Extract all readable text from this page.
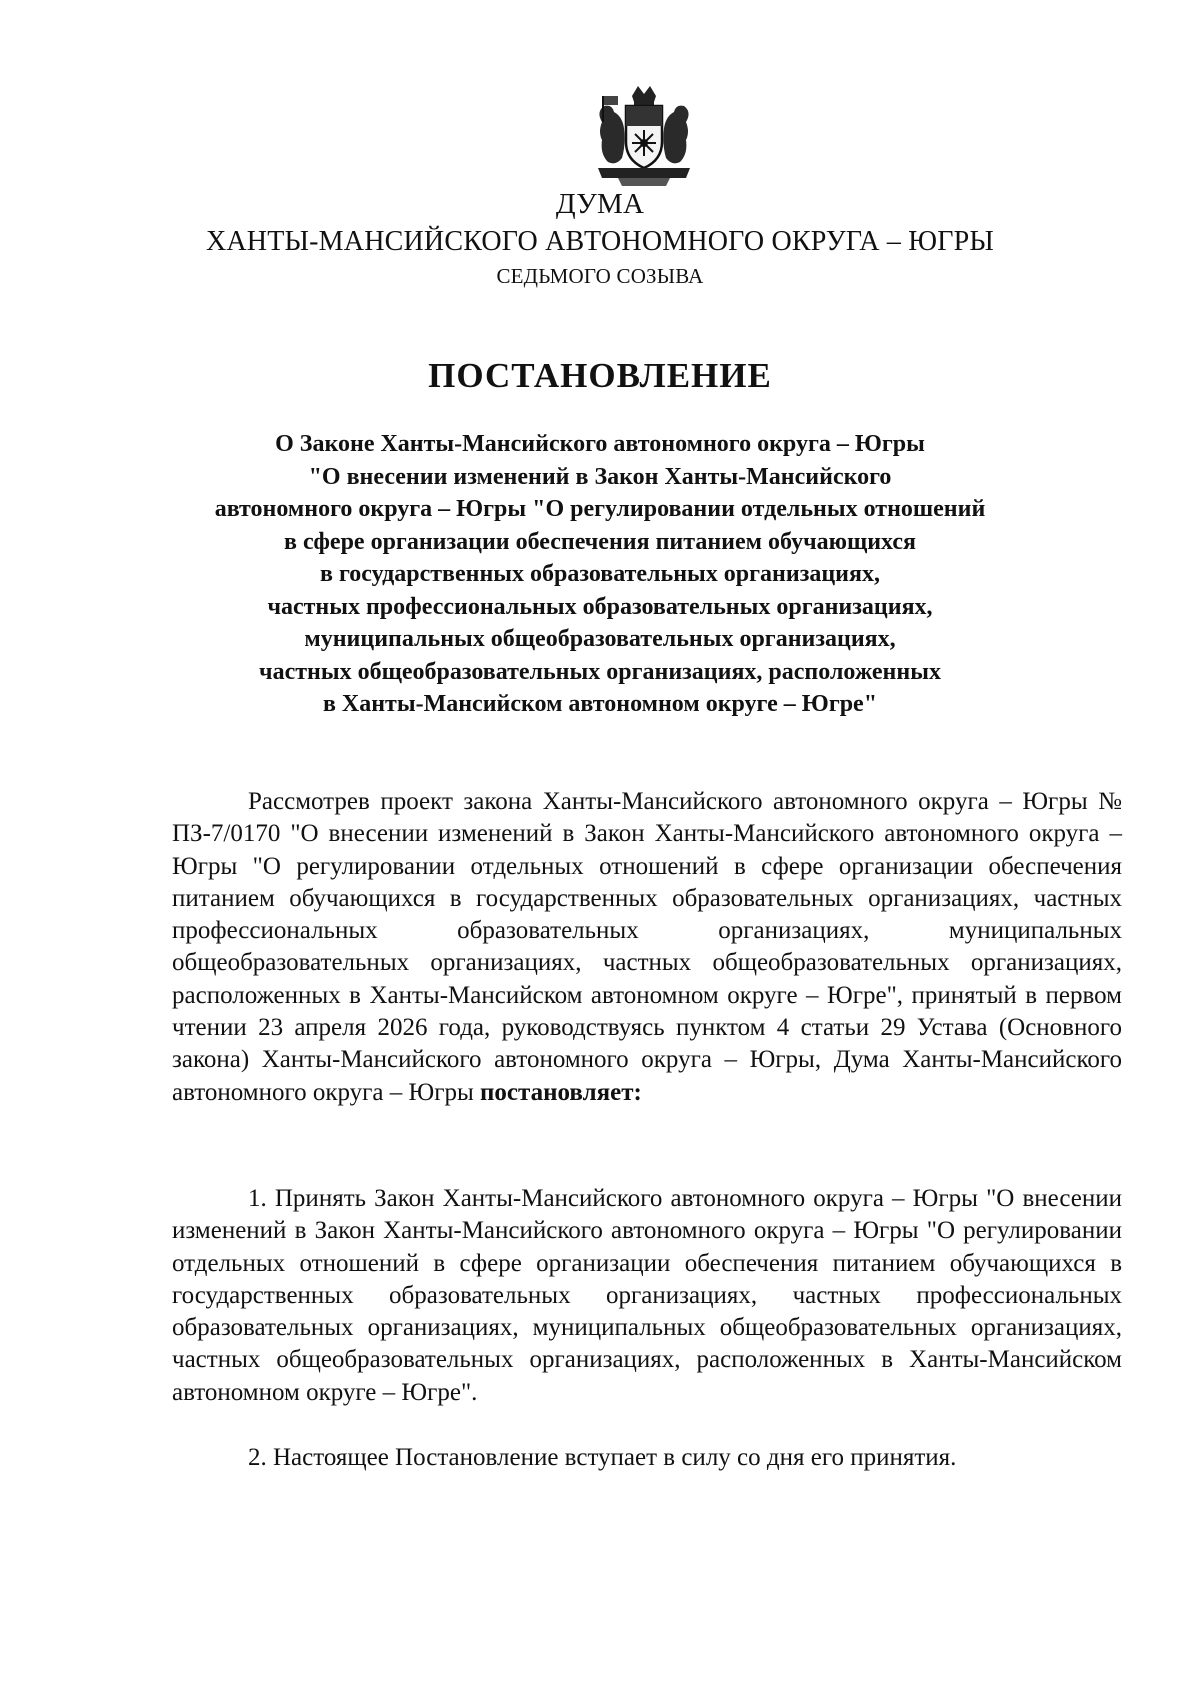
ДУМА
ХАНТЫ-МАНСИЙСКОГО АВТОНОМНОГО ОКРУГА – ЮГРЫ
СЕДЬМОГО СОЗЫВА
ПОСТАНОВЛЕНИЕ
О Законе Ханты-Мансийского автономного округа – Югры
"О внесении изменений в Закон Ханты-Мансийского
автономного округа – Югры "О регулировании отдельных отношений
в сфере организации обеспечения питанием обучающихся
в государственных образовательных организациях,
частных профессиональных образовательных организациях,
муниципальных общеобразовательных организациях,
частных общеобразовательных организациях, расположенных
в Ханты-Мансийском автономном округе – Югре"

Рассмотрев проект закона Ханты-Мансийского автономного округа – Югры № ПЗ-7/0170 "О внесении изменений в Закон Ханты-Мансийского автономного округа – Югры "О регулировании отдельных отношений в сфере организации обеспечения питанием обучающихся в государственных образовательных организациях, частных профессиональных образовательных организациях, муниципальных общеобразовательных организациях, частных общеобразовательных организациях, расположенных в Ханты-Мансийском автономном округе – Югре", принятый в первом чтении 23 апреля 2026 года, руководствуясь пунктом 4 статьи 29 Устава (Основного закона) Ханты-Мансийского автономного округа – Югры, Дума Ханты-Мансийского автономного округа – Югры постановляет:

1. Принять Закон Ханты-Мансийского автономного округа – Югры "О внесении изменений в Закон Ханты-Мансийского автономного округа – Югры "О регулировании отдельных отношений в сфере организации обеспечения питанием обучающихся в государственных образовательных организациях, частных профессиональных образовательных организациях, муниципальных общеобразовательных организациях, частных общеобразовательных организациях, расположенных в Ханты-Мансийском автономном округе – Югре".

2. Настоящее Постановление вступает в силу со дня его принятия.
